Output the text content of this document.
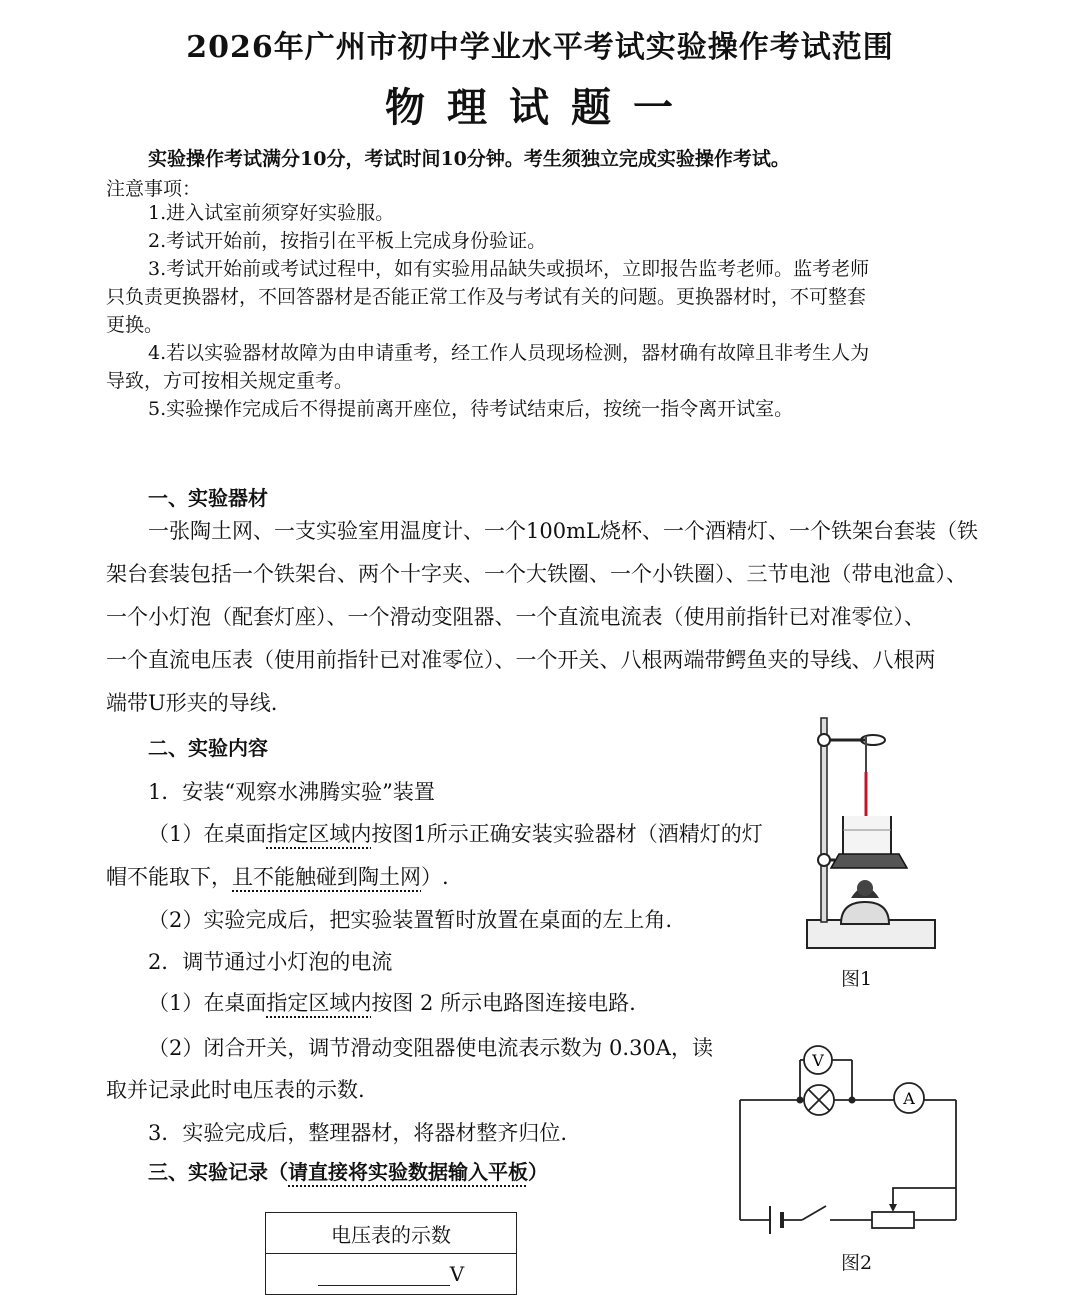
2026年广州市初中学业水平考试实验操作考试范围
物理试题一
实验操作考试满分10分，考试时间10分钟。考生须独立完成实验操作考试。
注意事项：
1.进入试室前须穿好实验服。
2.考试开始前，按指引在平板上完成身份验证。
3.考试开始前或考试过程中，如有实验用品缺失或损坏，立即报告监考老师。监考老师
只负责更换器材，不回答器材是否能正常工作及与考试有关的问题。更换器材时，不可整套
更换。
4.若以实验器材故障为由申请重考，经工作人员现场检测，器材确有故障且非考生人为
导致，方可按相关规定重考。
5.实验操作完成后不得提前离开座位，待考试结束后，按统一指令离开试室。
一、实验器材
一张陶土网、一支实验室用温度计、一个100mL烧杯、一个酒精灯、一个铁架台套装（铁
架台套装包括一个铁架台、两个十字夹、一个大铁圈、一个小铁圈）、三节电池（带电池盒）、
一个小灯泡（配套灯座）、一个滑动变阻器、一个直流电流表（使用前指针已对准零位）、
一个直流电压表（使用前指针已对准零位）、一个开关、八根两端带鳄鱼夹的导线、八根两
端带U形夹的导线.
二、实验内容
1．安装“观察水沸腾实验”装置
（1）在桌面指定区域内按图1所示正确安装实验器材（酒精灯的灯
帽不能取下，且不能触碰到陶土网）.
（2）实验完成后，把实验装置暂时放置在桌面的左上角.
2．调节通过小灯泡的电流
（1）在桌面指定区域内按图 2 所示电路图连接电路.
（2）闭合开关，调节滑动变阻器使电流表示数为 0.30A，读
取并记录此时电压表的示数.
3．实验完成后，整理器材，将器材整齐归位.
三、实验记录（请直接将实验数据输入平板）
电压表的示数
V
图1
V
A
图2
